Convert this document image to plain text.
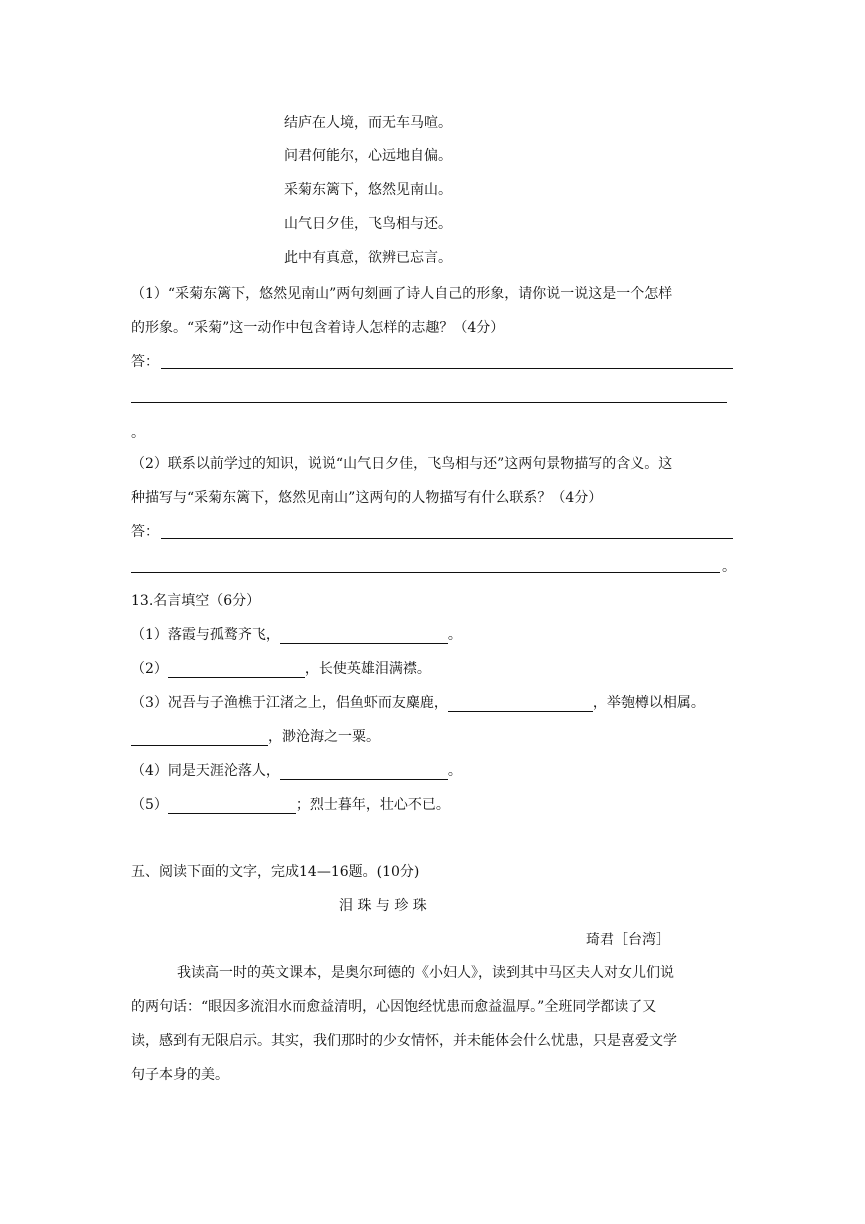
结庐在人境，而无车马喧。
问君何能尔，心远地自偏。
采菊东篱下，悠然见南山。
山气日夕佳，飞鸟相与还。
此中有真意，欲辨已忘言。
（1）“采菊东篱下，悠然见南山”两句刻画了诗人自己的形象，请你说一说这是一个怎样
的形象。“采菊”这一动作中包含着诗人怎样的志趣？（4分）
答：
。
（2）联系以前学过的知识，说说“山气日夕佳，飞鸟相与还”这两句景物描写的含义。这
种描写与“采菊东篱下，悠然见南山”这两句的人物描写有什么联系？（4分）
答：
。
13.名言填空（6分）
（1）落霞与孤鹜齐飞，	。
（2）	，长使英雄泪满襟。
（3）况吾与子渔樵于江渚之上，侣鱼虾而友麋鹿，	，举匏樽以相属。
，渺沧海之一粟。
（4）同是天涯沦落人，	。
（5）	；烈士暮年，壮心不已。
五、阅读下面的文字，完成14—16题。(10分)
泪 珠 与 珍 珠
琦君［台湾］
我读高一时的英文课本，是奥尔珂德的《小妇人》，读到其中马区夫人对女儿们说
的两句话：“眼因多流泪水而愈益清明，心因饱经忧患而愈益温厚。”全班同学都读了又
读，感到有无限启示。其实，我们那时的少女情怀，并未能体会什么忧患，只是喜爱文学
句子本身的美。
